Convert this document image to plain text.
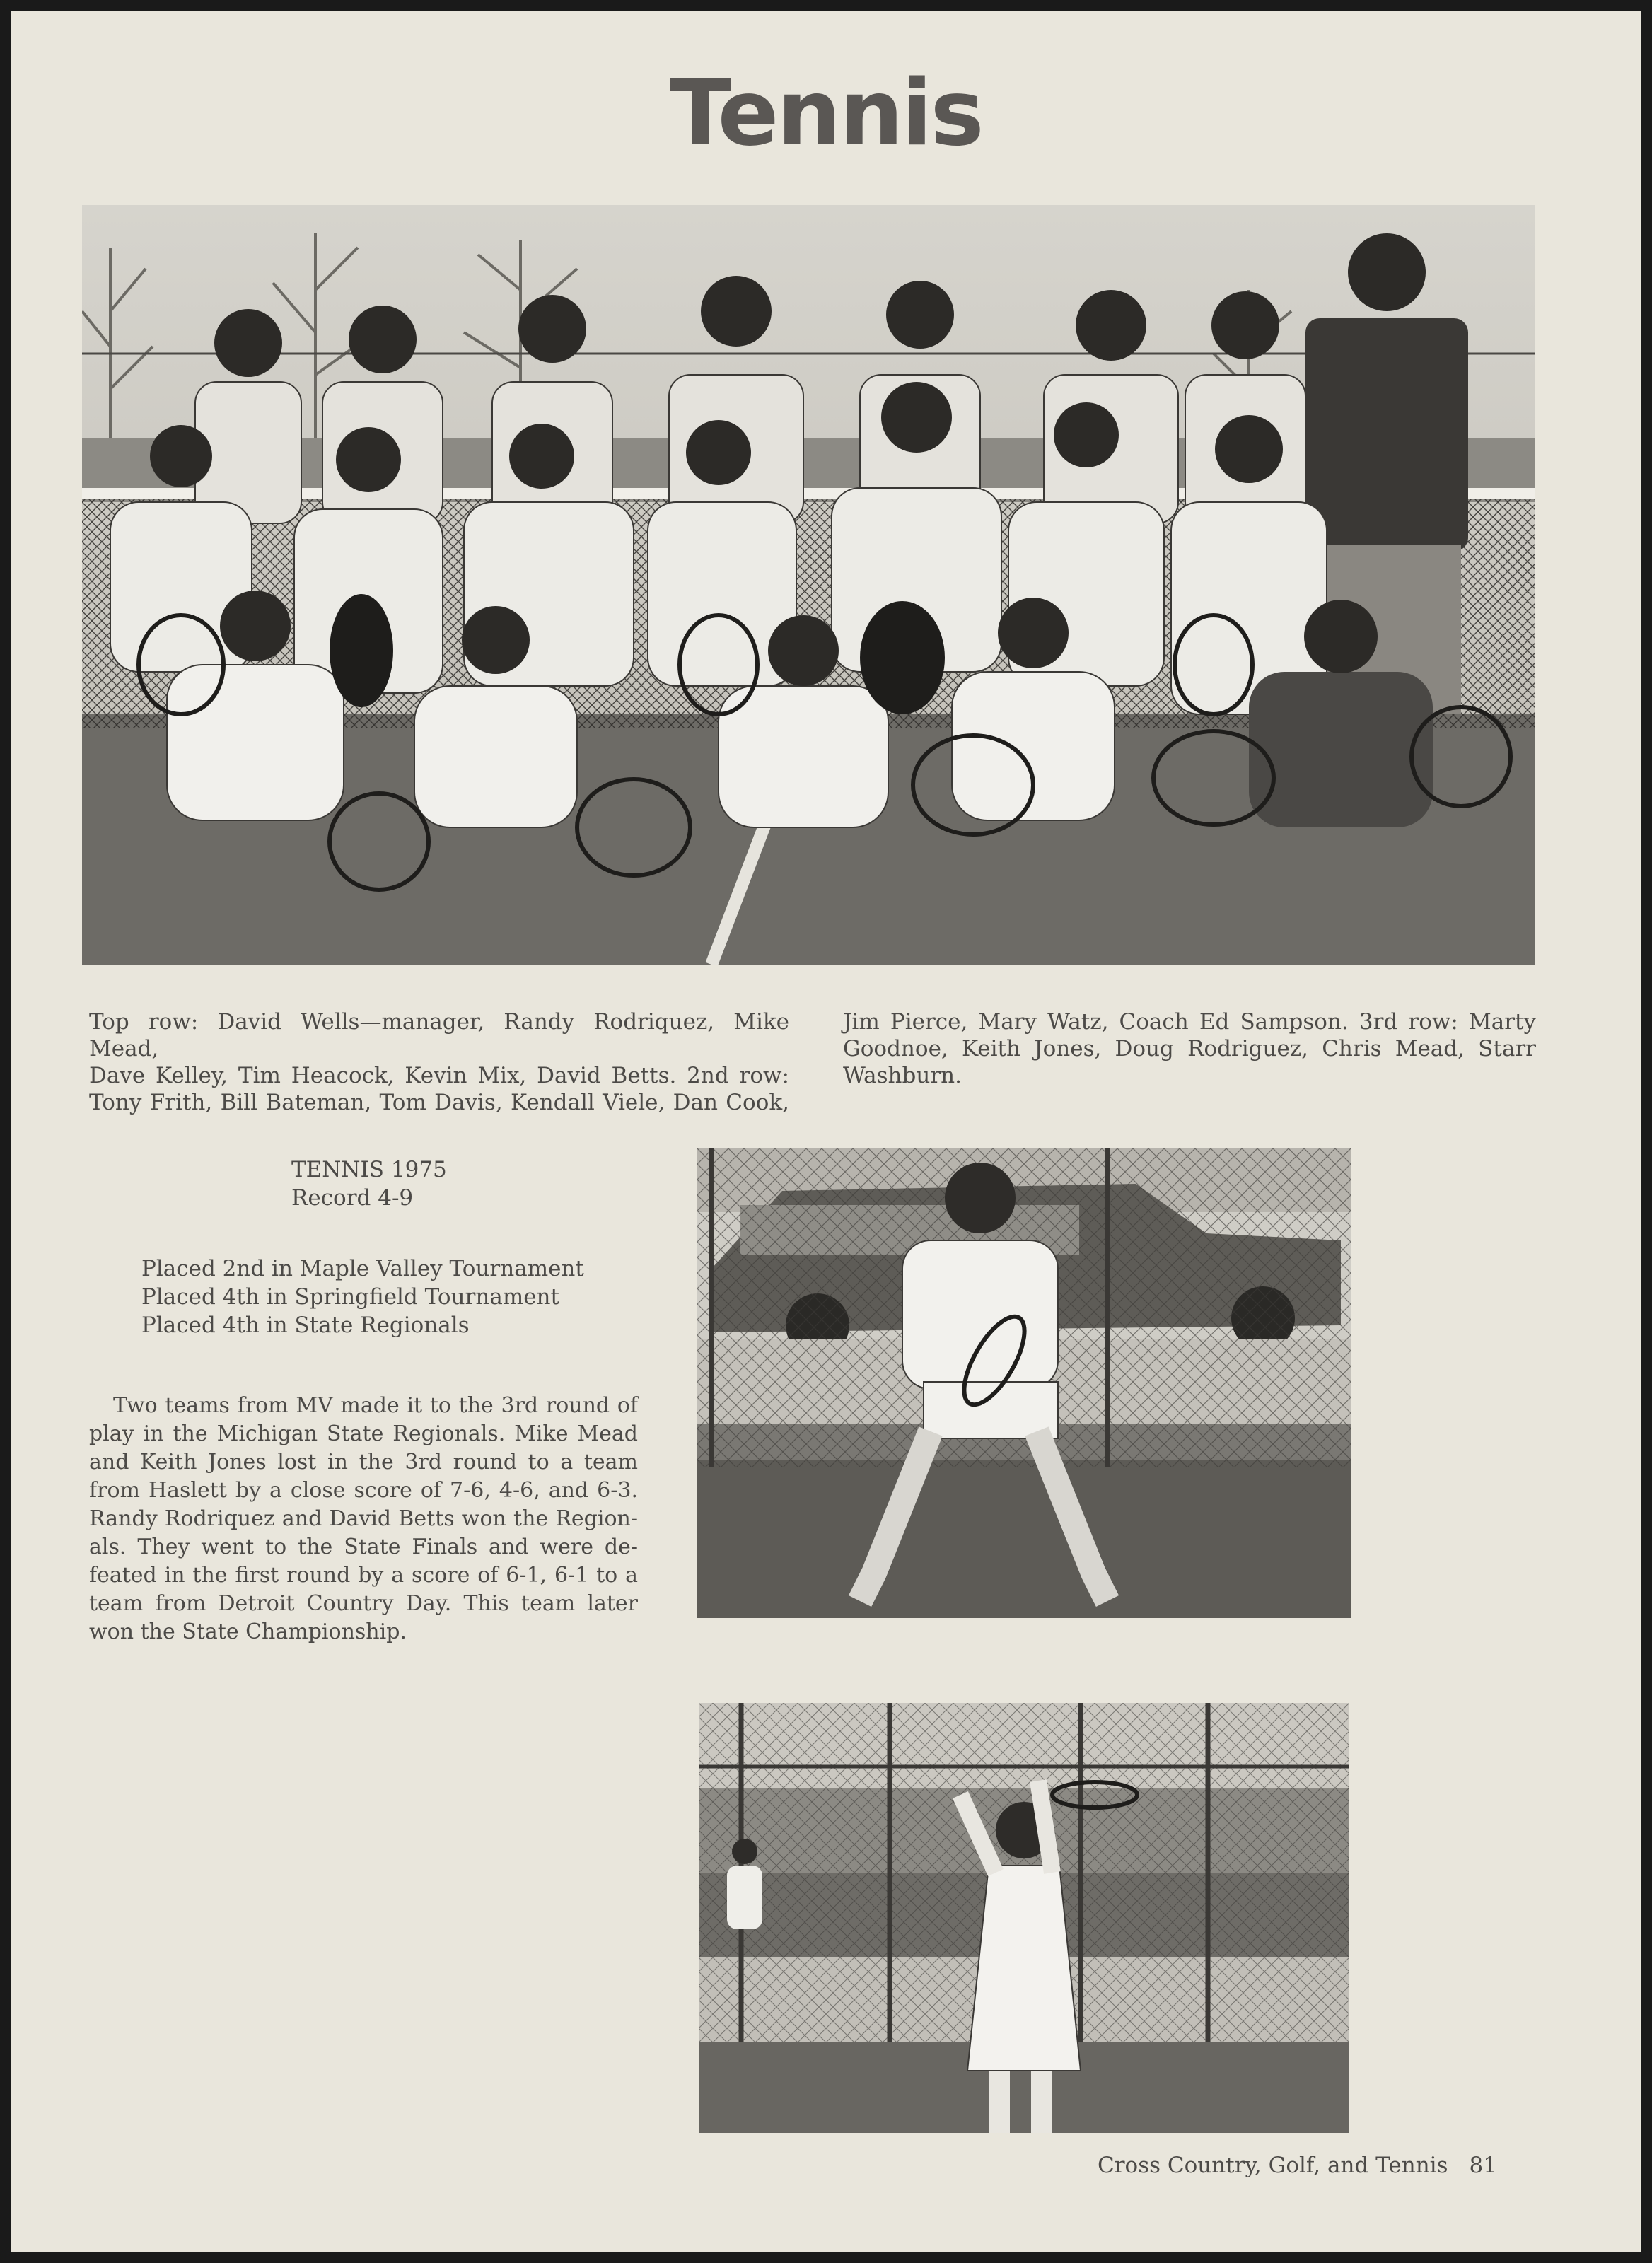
Tennis
Top row: David Wells—manager, Randy Rodriquez, Mike Mead,
Dave Kelley, Tim Heacock, Kevin Mix, David Betts. 2nd row:
Tony Frith, Bill Bateman, Tom Davis, Kendall Viele, Dan Cook,
Jim Pierce, Mary Watz, Coach Ed Sampson. 3rd row: Marty
Goodnoe, Keith Jones, Doug Rodriguez, Chris Mead, Starr
Washburn.
TENNIS 1975
Record 4-9
Placed 2nd in Maple Valley Tournament
Placed 4th in Springfield Tournament
Placed 4th in State Regionals
Two teams from MV made it to the 3rd round of
play in the Michigan State Regionals. Mike Mead
and Keith Jones lost in the 3rd round to a team
from Haslett by a close score of 7-6, 4-6, and 6-3.
Randy Rodriquez and David Betts won the Region-
als. They went to the State Finals and were de-
feated in the first round by a score of 6-1, 6-1 to a
team from Detroit Country Day. This team later
won the State Championship.
Cross Country, Golf, and Tennis 81
